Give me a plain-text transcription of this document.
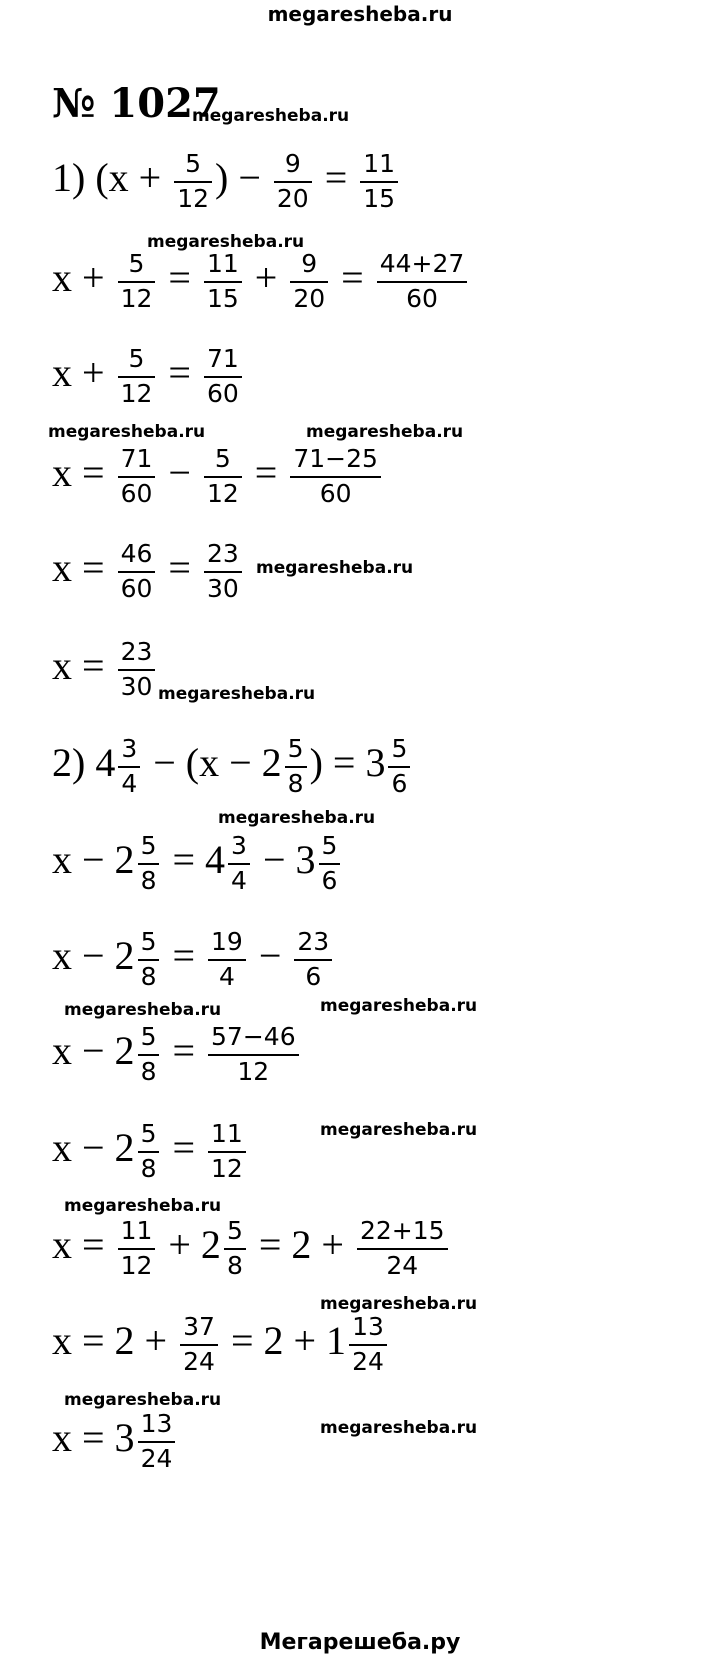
megaresheba.ru
№ 1027
megaresheba.ru
1) ($x + \frac{5}{12}$ ) − $\frac{9}{20} = \frac{11}{15}$
$x + \frac{5}{12} = \frac{11}{15} + \frac{9}{20} = \frac{44+27}{60}$
$x + \frac{5}{12} = \frac{71}{60}$
$x = \frac{71}{60} - \frac{5}{12} = \frac{71-25}{60}$
$x = \frac{46}{60} = \frac{23}{30}$
$x = \frac{23}{30}$
2) $4 \frac{3}{4} - (x - 2 \frac{5}{8}$ ) = $3 \frac{5}{6}$
$x - 2 \frac{5}{8} = 4 \frac{3}{4} - 3 \frac{5}{6}$
$x - 2 \frac{5}{8} = \frac{19}{4} - \frac{23}{6}$
$x - 2 \frac{5}{8} = \frac{57-46}{12}$
$x - 2 \frac{5}{8} = \frac{11}{12}$
$x = \frac{11}{12} + 2 \frac{5}{8} = 2 + \frac{22+15}{24}$
$x = 2 + \frac{37}{24} = 2 + 1 \frac{13}{24}$
$x = 3 \frac{13}{24}$
megaresheba.ru
megaresheba.ru	megaresheba.ru
megaresheba.ru
megaresheba.ru
megaresheba.ru
megaresheba.ru	megaresheba.ru
megaresheba.ru
megaresheba.ru
megaresheba.ru
megaresheba.ru
megaresheba.ru
Мегарешеба.ру
